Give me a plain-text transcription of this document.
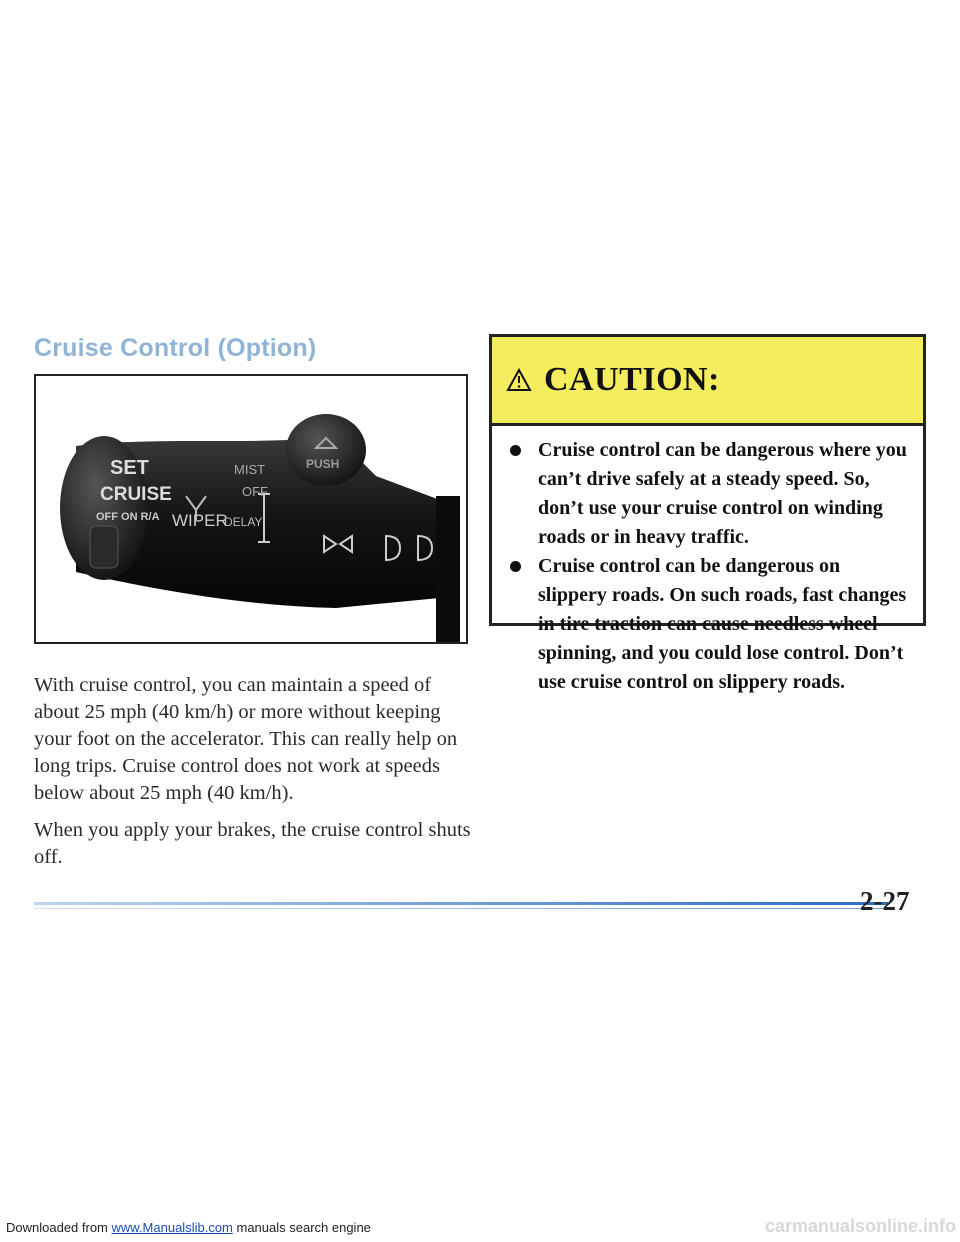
Cruise Control (Option)
SET
CRUISE
OFF ON R/A WIPER
MIST
OFF
DELAY
PUSH

With cruise control, you can maintain a speed of about 25 mph (40 km/h) or more without keeping your foot on the accelerator. This can really help on long trips. Cruise control does not work at speeds below about 25 mph (40 km/h).

When you apply your brakes, the cruise control shuts off.

CAUTION:
Cruise control can be dangerous where you can’t drive safely at a steady speed. So, don’t use your cruise control on winding roads or in heavy traffic.
Cruise control can be dangerous on slippery roads. On such roads, fast changes in tire traction can cause needless wheel spinning, and you could lose control. Don’t use cruise control on slippery roads.

2-27

Downloaded from www.Manualslib.com manuals search engine	carmanualsonline.info
